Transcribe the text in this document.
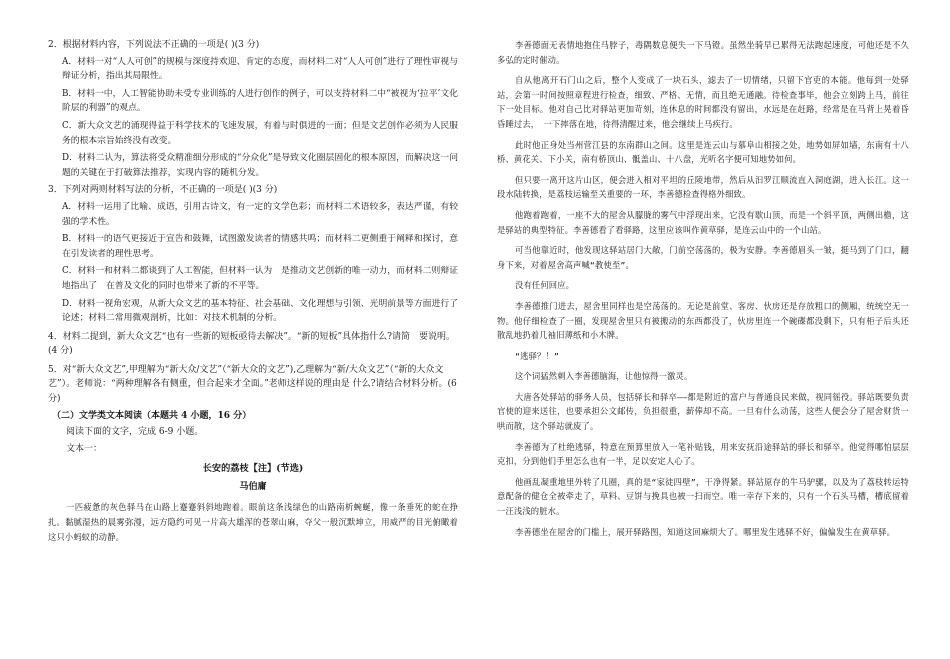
2．根据材料内容，下列说法不正确的一项是( )(3 分)
A．材料一对“人人可创”的规模与深度持欢迎、肯定的态度，而材料二对“人人可创”进行了理性审视与辩证分析，指出其局限性。
B．材料一中，人工智能协助未受专业训练的人进行创作的例子，可以支持材料二中“被视为‘拉平’文化阶层的利器”的观点。
C．新大众文艺的涌现得益于科学技术的飞速发展，有着与时俱进的一面；但是文艺创作必须为人民服务的根本宗旨始终没有改变。
D．材料二认为，算法将受众精准细分形成的“分众化”是导致文化圈层固化的根本原因，而解决这一问题的关键在于打破算法推荐，实现内容的随机分发。
3．下列对两则材料写法的分析，不正确的一项是( )(3 分)
A．材料一运用了比喻、成语，引用古诗文，有一定的文学色彩；而材料二术语较多，表达严谨，有较强的学术性。
B．材料一的语气更接近于宣告和鼓舞，试图激发读者的情感共鸣；而材料二更侧重于阐释和探讨，意在引发读者的理性思考。
C．材料一和材料二都谈到了人工智能，但材料一认为　是推动文艺创新的唯一动力，而材料二则辩证地指出了　在普及文化的同时也带来了新的不平等。
D．材料一视角宏观，从新大众文艺的基本特征、社会基础、文化理想与引领、光明前景等方面进行了论述；材料二常用微观剖析，比如：对技术机制的分析。
4．材料二提到，新大众文艺“也有一些新的短板亟待去解决”。“新的短板”具体指什么?请简　要说明。(4 分)
5．对“新大众文艺”,甲理解为“新大众/文艺”（“新大众的文艺”),乙理解为“新/大众文艺”（“新的大众文艺”）。老师说：“两种理解各有侧重，但合起来才全面。”老师这样说的理由是 什么?请结合材料分析。(6 分)
（二）文学类文本阅读（本题共 4 小题，16 分）
阅读下面的文字，完成 6-9 小题。
文本一：
长安的荔枝【注】(节选)
马伯庸
一匹疲惫的灰色驿马在山路上蹇蹇斜斜地跑着。眼前这条浅绿色的山路南析蜿蜒，像一条垂死的蛇在挣扎。黏腻湿热的晨雾弥漫，远方隐约可见一片高大雄浑的苍翠山麻，夺父一般沉默坤立，用威严的目光俯瞰着这只小蚂蚁的动静。
李善德面无表情地抱住马脖子，毒隅数息便失一下马镫。虽然坐骑早已累得无法跑起速度，可他还是不久多弘的定时催动。
自从他离开石门山之后，整个人变成了一块石头，滤去了一切情绪，只留下官吏的本能。他每到一处驿站，会第一时间按照章程进行检查，细致、严格、无情，而且绝无通融。待检查事毕，他会立刻跨上马，前往下一处目标。他对自己比对驿站更加苛刻，连休息的时间都没有留出，水远是在赶路，经常是在马背上晃着昏昏睡过去，　一下摔落在地，待得清醒过来，他会继续上马疾行。
此时他正身处当州营江县的东南群山之间。这里是连云山与慕阜山相接之处，地势如屏如墙，东南有十八桥、黄花关、下小关，南有桥顶山、骶盖山、十八盘，光听名字便可知地势如何。
但只要一离开这片山区，便会进入相对平坦的丘陵地带，然后从汩罗江顺流直入洞庭湖，进入长江。这一段水陆转换，是荔枝运输至关重要的一环，李善德检查得格外细致。
他跑着跑着，一座不大的屋舍从朦胧的雾气中浮现出来，它没有歇山顶，而是一个斜平顶，两侧出檐，这是驿站的典型特征。李善德看了看驿路，这里应该叫作黄草驿，是连云山中的一个山站。
可当他靠近时，他发现这驿站居门大敞，门前空荡荡的，极为安静。李善德眉头一皱，挺马到了门口，翻身下来，对着屋舍高声喊“教使至”。
没有任何回应。
李善德推门进去，屋舍里同样也是空荡荡的。无论是前堂、客房、伙房还是存放粗口的侧厢，统统空无一物。他仔细检查了一圈，发现屋舍里只有被搬动的东西都没了，伙房里连一个碗碟都没剩下，只有柜子后头还散乱地扔着几袖旧薄纸和小木牌。
“逃驿？！”
这个词猛然刺入李善德脑海，让他惊得一激灵。
大唐各处驿站的驿务人员，包括驿长和驿卒——都是附近的富户与普通良民来做，视同徭役。驿站既要负责官使的迎来送往，也要承担公文邮传，负担很重，薪俸却不高。一旦有什么动荡，这些人便会分了屋舍财货一哄而散，这个驿站就废了。
李善德为了杜绝逃驿，特意在预算里放入一笔补贴钱，用来安抚沿途驿站的驿长和驿卒。他觉得哪怕层层克扣，分到他们手里怎么也有一半，足以安定人心了。
他画乱凝重地里外转了几圈，真的是“家徒四壁”，干净得紧。驿站原存的牛马驴骡，以及为了荔枝转运特意配备的健仓全被牵走了，草料、豆饼与挽具也被一扫而空。唯一幸存下来的，只有一个石头马槽，槽底留着一汪浅浅的脏水。
李善德坐在屋舍的门槛上，展开驿路图，知道这回麻烦大了。哪里发生逃驿不好，偏偏发生在黄草驿。
